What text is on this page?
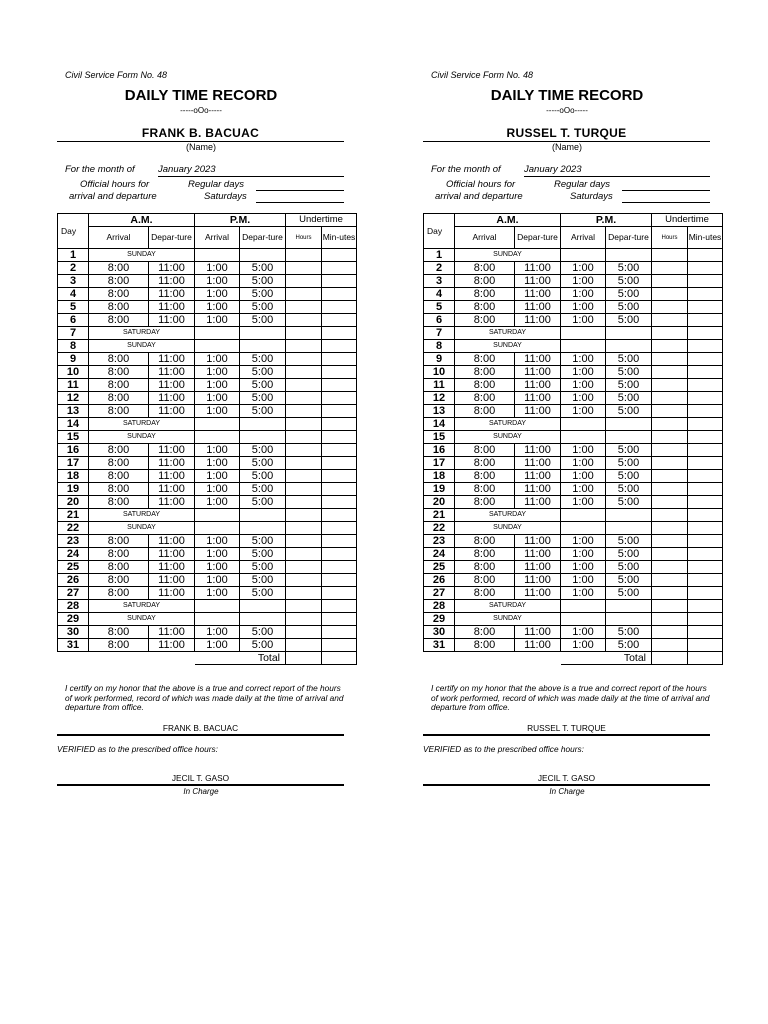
Civil Service Form No. 48
DAILY TIME RECORD
-----oOo-----
FRANK B. BACUAC
(Name)
For the month of January 2023
Official hours for
arrival and departure
Regular days
Saturdays
Day	A.M.		P.M.		Undertime	
	Arrival	Depar-ture	Arrival	Depar-ture	Hours	Min-utes
1	SUNDAY					
2	8:00	11:00	1:00	5:00		
3	8:00	11:00	1:00	5:00		
4	8:00	11:00	1:00	5:00		
5	8:00	11:00	1:00	5:00		
6	8:00	11:00	1:00	5:00		
7	SATURDAY					
8	SUNDAY					
9	8:00	11:00	1:00	5:00		
10	8:00	11:00	1:00	5:00		
11	8:00	11:00	1:00	5:00		
12	8:00	11:00	1:00	5:00		
13	8:00	11:00	1:00	5:00		
14	SATURDAY					
15	SUNDAY					
16	8:00	11:00	1:00	5:00		
17	8:00	11:00	1:00	5:00		
18	8:00	11:00	1:00	5:00		
19	8:00	11:00	1:00	5:00		
20	8:00	11:00	1:00	5:00		
21	SATURDAY					
22	SUNDAY					
23	8:00	11:00	1:00	5:00		
24	8:00	11:00	1:00	5:00		
25	8:00	11:00	1:00	5:00		
26	8:00	11:00	1:00	5:00		
27	8:00	11:00	1:00	5:00		
28	SATURDAY					
29	SUNDAY					
30	8:00	11:00	1:00	5:00		
31	8:00	11:00	1:00	5:00		
			Total			
I certify on my honor that the above is a true and correct report of the hours of work performed, record of which was made daily at the time of arrival and departure from office.
FRANK B. BACUAC
VERIFIED as to the prescribed office hours:
JECIL T. GASO
In Charge
Civil Service Form No. 48
DAILY TIME RECORD
-----oOo-----
RUSSEL T. TURQUE
(Name)
For the month of January 2023
Official hours for
arrival and departure
Regular days
Saturdays
Day	A.M.		P.M.		Undertime	
	Arrival	Depar-ture	Arrival	Depar-ture	Hours	Min-utes
1	SUNDAY					
2	8:00	11:00	1:00	5:00		
3	8:00	11:00	1:00	5:00		
4	8:00	11:00	1:00	5:00		
5	8:00	11:00	1:00	5:00		
6	8:00	11:00	1:00	5:00		
7	SATURDAY					
8	SUNDAY					
9	8:00	11:00	1:00	5:00		
10	8:00	11:00	1:00	5:00		
11	8:00	11:00	1:00	5:00		
12	8:00	11:00	1:00	5:00		
13	8:00	11:00	1:00	5:00		
14	SATURDAY					
15	SUNDAY					
16	8:00	11:00	1:00	5:00		
17	8:00	11:00	1:00	5:00		
18	8:00	11:00	1:00	5:00		
19	8:00	11:00	1:00	5:00		
20	8:00	11:00	1:00	5:00		
21	SATURDAY					
22	SUNDAY					
23	8:00	11:00	1:00	5:00		
24	8:00	11:00	1:00	5:00		
25	8:00	11:00	1:00	5:00		
26	8:00	11:00	1:00	5:00		
27	8:00	11:00	1:00	5:00		
28	SATURDAY					
29	SUNDAY					
30	8:00	11:00	1:00	5:00		
31	8:00	11:00	1:00	5:00		
			Total			
I certify on my honor that the above is a true and correct report of the hours of work performed, record of which was made daily at the time of arrival and departure from office.
RUSSEL T. TURQUE
VERIFIED as to the prescribed office hours:
JECIL T. GASO
In Charge
